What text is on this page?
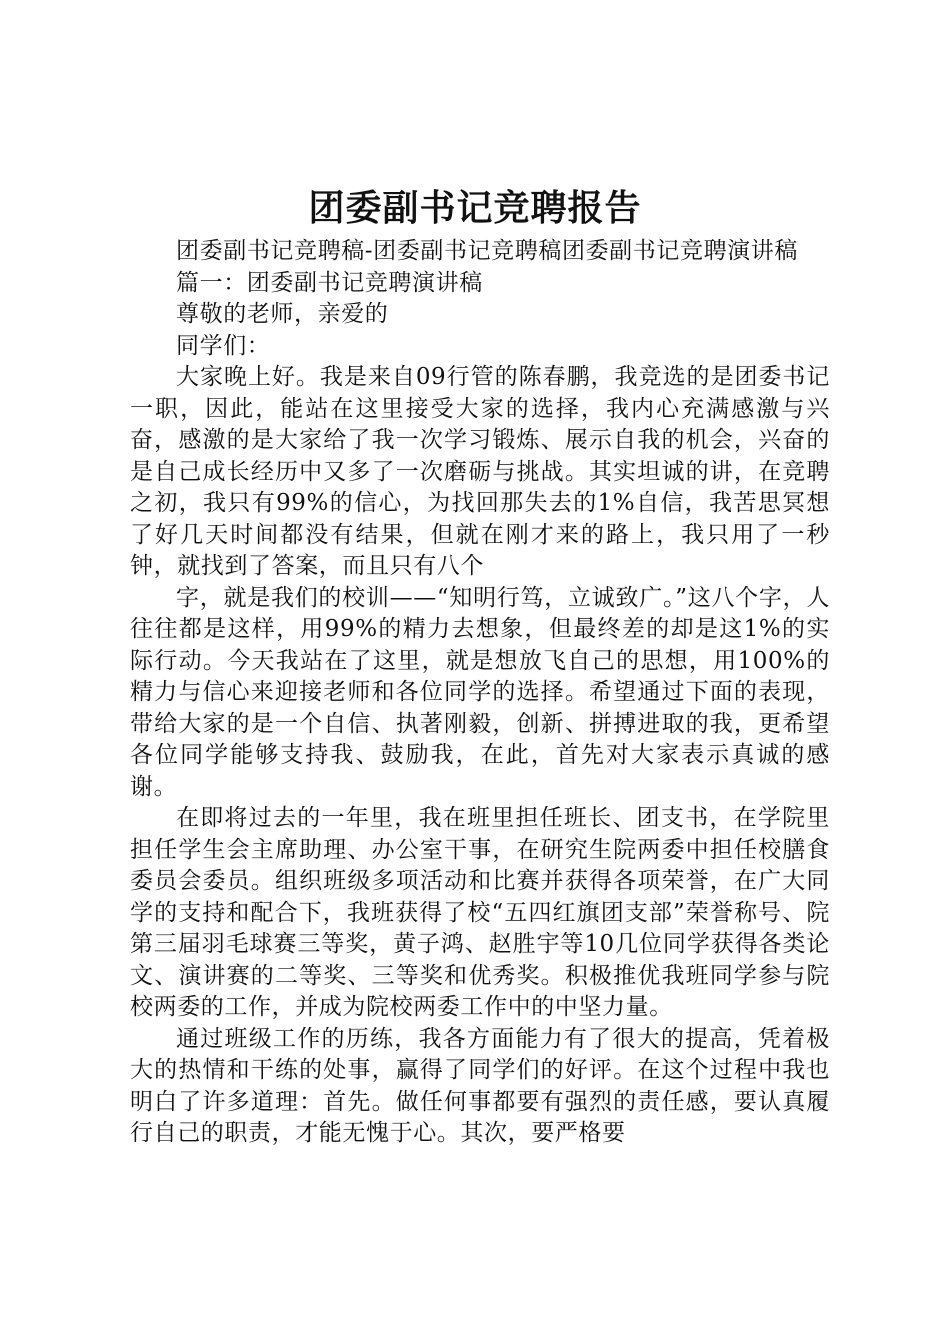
团委副书记竞聘报告

团委副书记竞聘稿-团委副书记竞聘稿团委副书记竞聘演讲稿

篇一：团委副书记竞聘演讲稿

尊敬的老师，亲爱的

同学们：

大家晚上好。我是来自09行管的陈春鹏，我竞选的是团委书记一职，因此，能站在这里接受大家的选择，我内心充满感激与兴奋，感激的是大家给了我一次学习锻炼、展示自我的机会，兴奋的是自己成长经历中又多了一次磨砺与挑战。其实坦诚的讲，在竞聘之初，我只有99%的信心，为找回那失去的1%自信，我苦思冥想了好几天时间都没有结果，但就在刚才来的路上，我只用了一秒钟，就找到了答案，而且只有八个

字，就是我们的校训——“知明行笃，立诚致广。”这八个字，人往往都是这样，用99%的精力去想象，但最终差的却是这1%的实际行动。今天我站在了这里，就是想放飞自己的思想，用100%的精力与信心来迎接老师和各位同学的选择。希望通过下面的表现，带给大家的是一个自信、执著刚毅，创新、拼搏进取的我，更希望各位同学能够支持我、鼓励我，在此，首先对大家表示真诚的感谢。

在即将过去的一年里，我在班里担任班长、团支书，在学院里担任学生会主席助理、办公室干事，在研究生院两委中担任校膳食委员会委员。组织班级多项活动和比赛并获得各项荣誉，在广大同学的支持和配合下，我班获得了校“五四红旗团支部”荣誉称号、院第三届羽毛球赛三等奖，黄子鸿、赵胜宇等10几位同学获得各类论文、演讲赛的二等奖、三等奖和优秀奖。积极推优我班同学参与院校两委的工作，并成为院校两委工作中的中坚力量。

通过班级工作的历练，我各方面能力有了很大的提高，凭着极大的热情和干练的处事，赢得了同学们的好评。在这个过程中我也明白了许多道理：首先。做任何事都要有强烈的责任感，要认真履行自己的职责，才能无愧于心。其次，要严格要
